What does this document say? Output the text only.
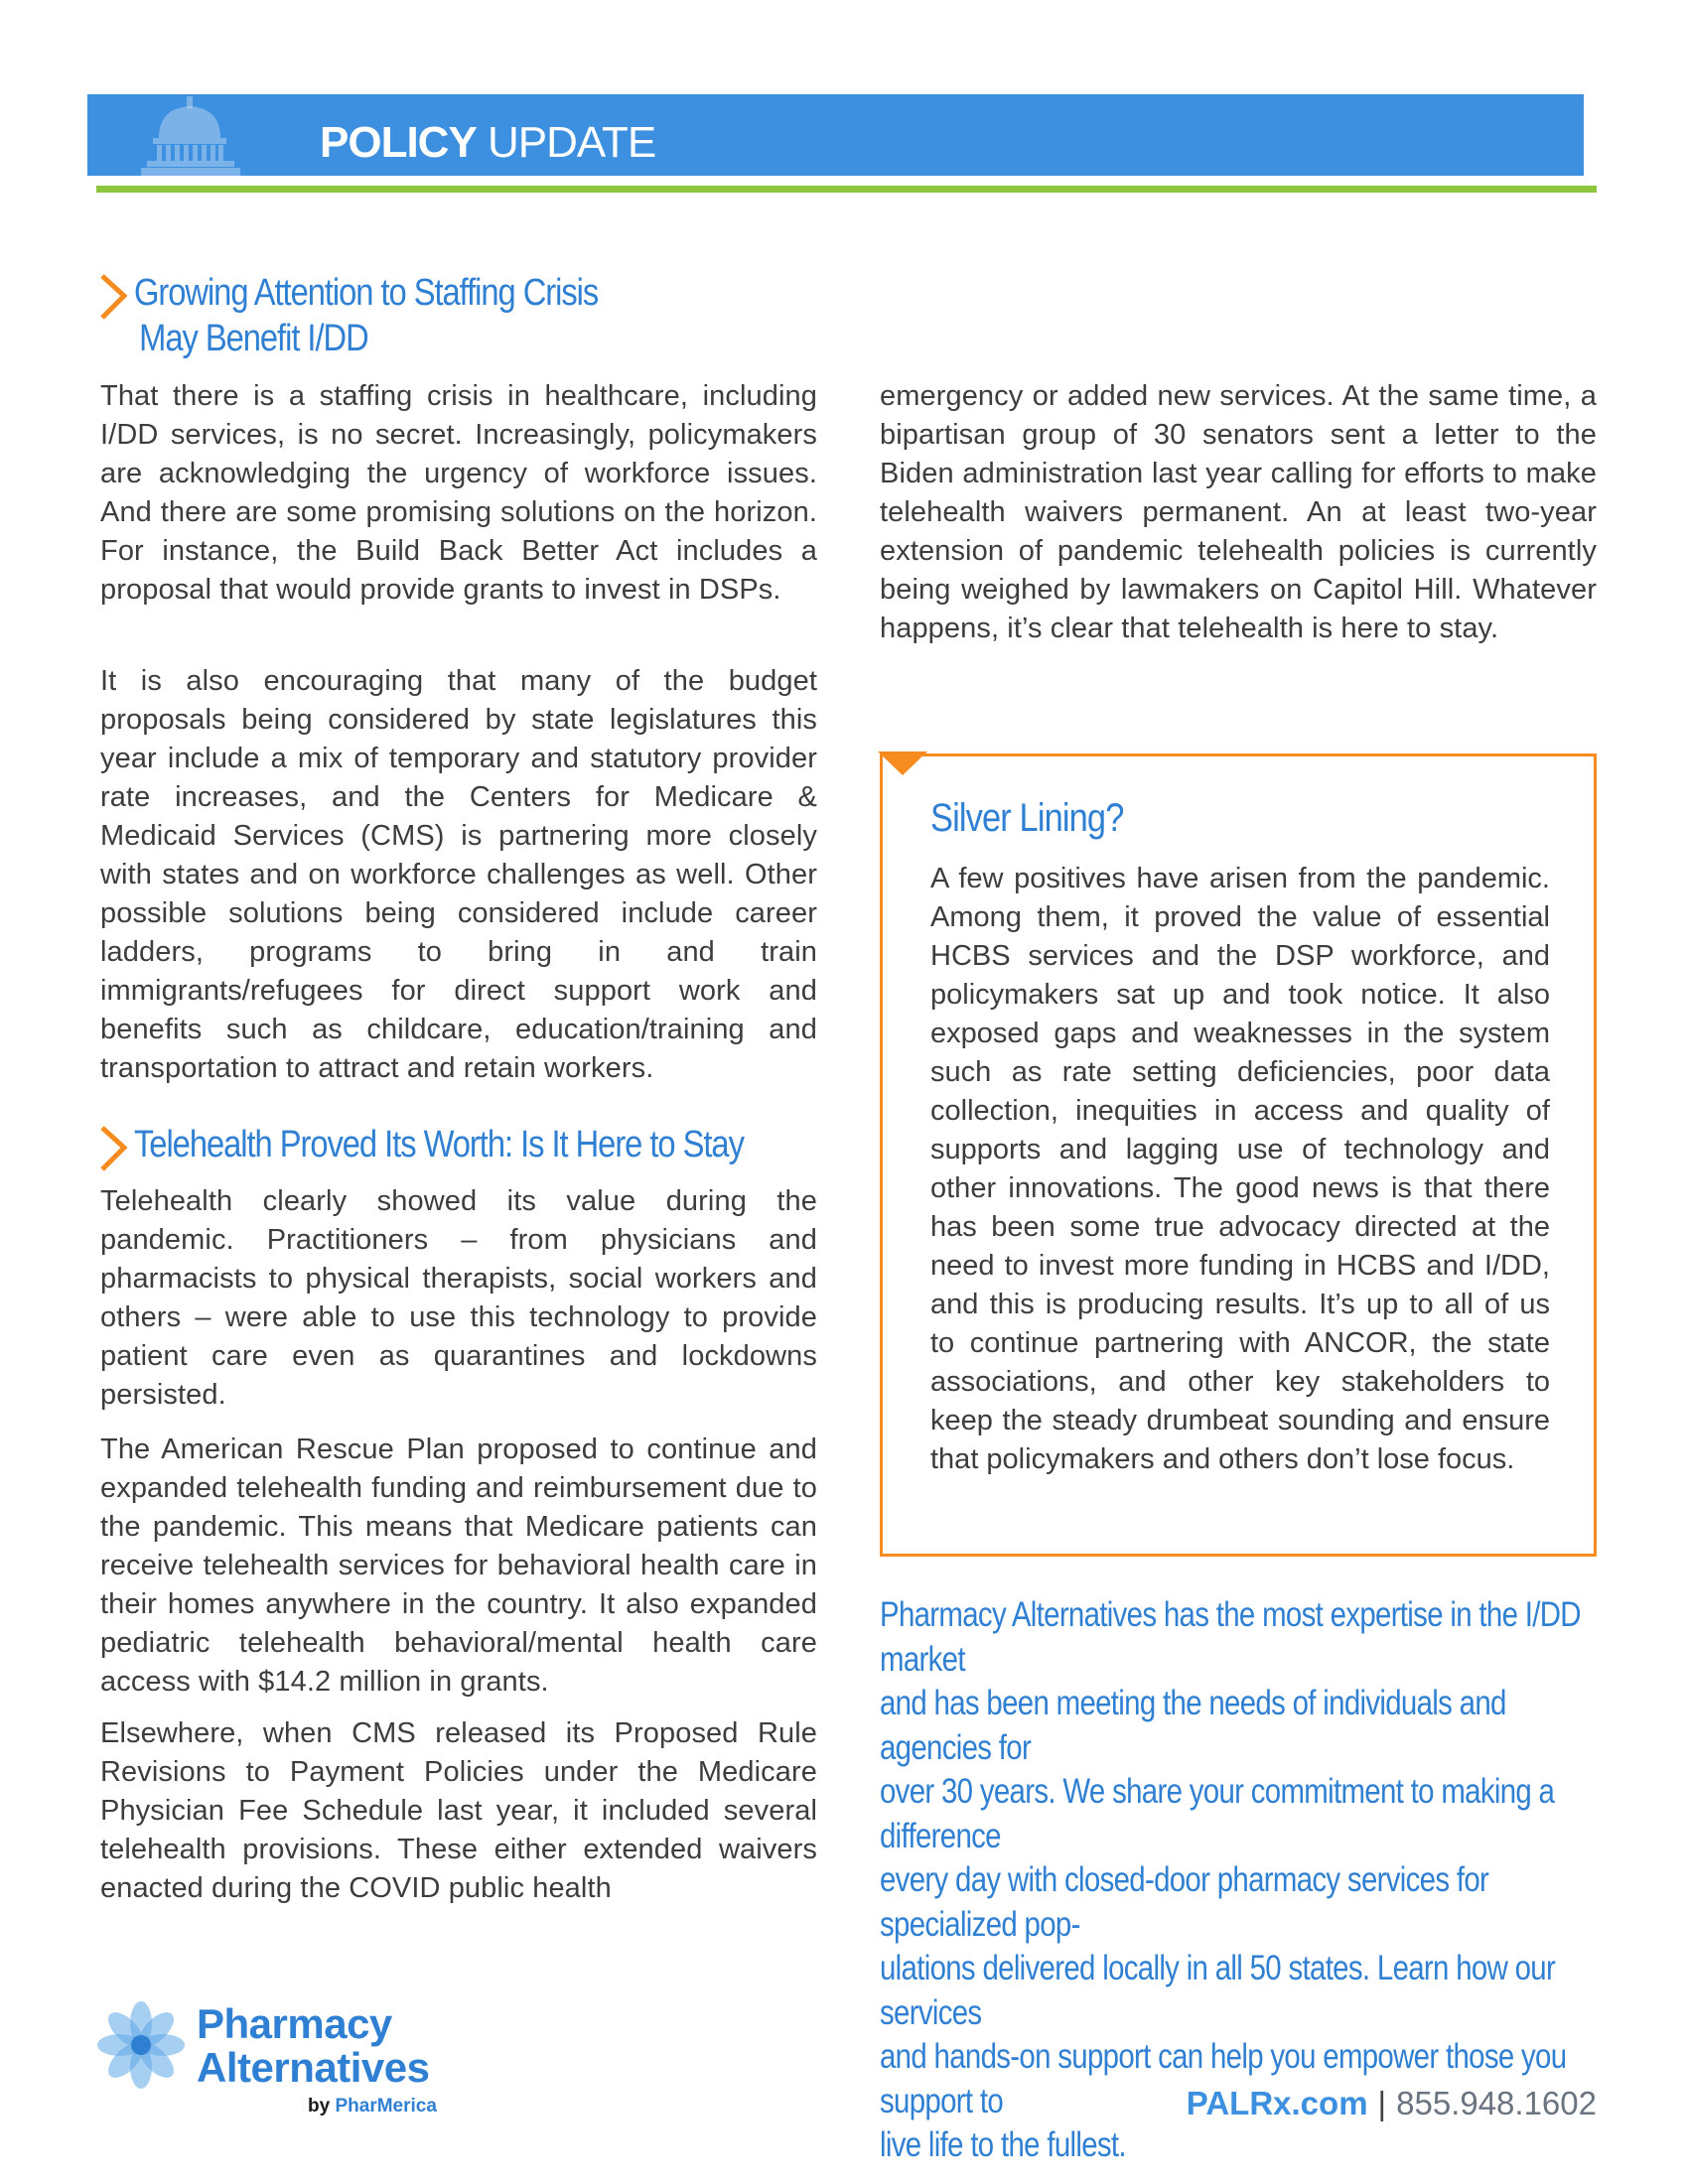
POLICY UPDATE
Growing Attention to Staffing Crisis
May Benefit I/DD

That there is a staffing crisis in healthcare, including I/DD services, is no secret. Increasingly, policymakers are acknowledging the urgency of workforce issues. And there are some promising solutions on the horizon. For instance, the Build Back Better Act includes a proposal that would provide grants to invest in DSPs.

It is also encouraging that many of the budget proposals being considered by state legislatures this year include a mix of temporary and statutory provider rate increases, and the Centers for Medicare & Medicaid Services (CMS) is partnering more closely with states and on workforce challenges as well. Other possible solutions being considered include career ladders, programs to bring in and train immigrants/refugees for direct support work and benefits such as childcare, education/training and transportation to attract and retain workers.

Telehealth Proved Its Worth: Is It Here to Stay

Telehealth clearly showed its value during the pandemic. Practitioners – from physicians and pharmacists to physical therapists, social workers and others – were able to use this technology to provide patient care even as quarantines and lockdowns persisted.

The American Rescue Plan proposed to continue and expanded telehealth funding and reimbursement due to the pandemic. This means that Medicare patients can receive telehealth services for behavioral health care in their homes anywhere in the country. It also expanded pediatric telehealth behavioral/mental health care access with $14.2 million in grants.

Elsewhere, when CMS released its Proposed Rule Revisions to Payment Policies under the Medicare Physician Fee Schedule last year, it included several telehealth provisions. These either extended waivers enacted during the COVID public health

emergency or added new services. At the same time, a bipartisan group of 30 senators sent a letter to the Biden administration last year calling for efforts to make telehealth waivers permanent. An at least two-year extension of pandemic telehealth policies is currently being weighed by lawmakers on Capitol Hill. Whatever happens, it’s clear that telehealth is here to stay.

Silver Lining?

A few positives have arisen from the pandemic. Among them, it proved the value of essential HCBS services and the DSP workforce, and policymakers sat up and took notice. It also exposed gaps and weaknesses in the system such as rate setting deficiencies, poor data collection, inequities in access and quality of supports and lagging use of technology and other innovations. The good news is that there has been some true advocacy directed at the need to invest more funding in HCBS and I/DD, and this is producing results. It’s up to all of us to continue partnering with ANCOR, the state associations, and other key stakeholders to keep the steady drumbeat sounding and ensure that policymakers and others don’t lose focus.

Pharmacy Alternatives has the most expertise in the I/DD market
and has been meeting the needs of individuals and agencies for
over 30 years. We share your commitment to making a difference
every day with closed-door pharmacy services for specialized pop-
ulations delivered locally in all 50 states. Learn how our services
and hands-on support can help you empower those you support to
live life to the fullest.
Pharmacy
Alternatives
by PharMerica	PALRx.com | 855.948.1602
